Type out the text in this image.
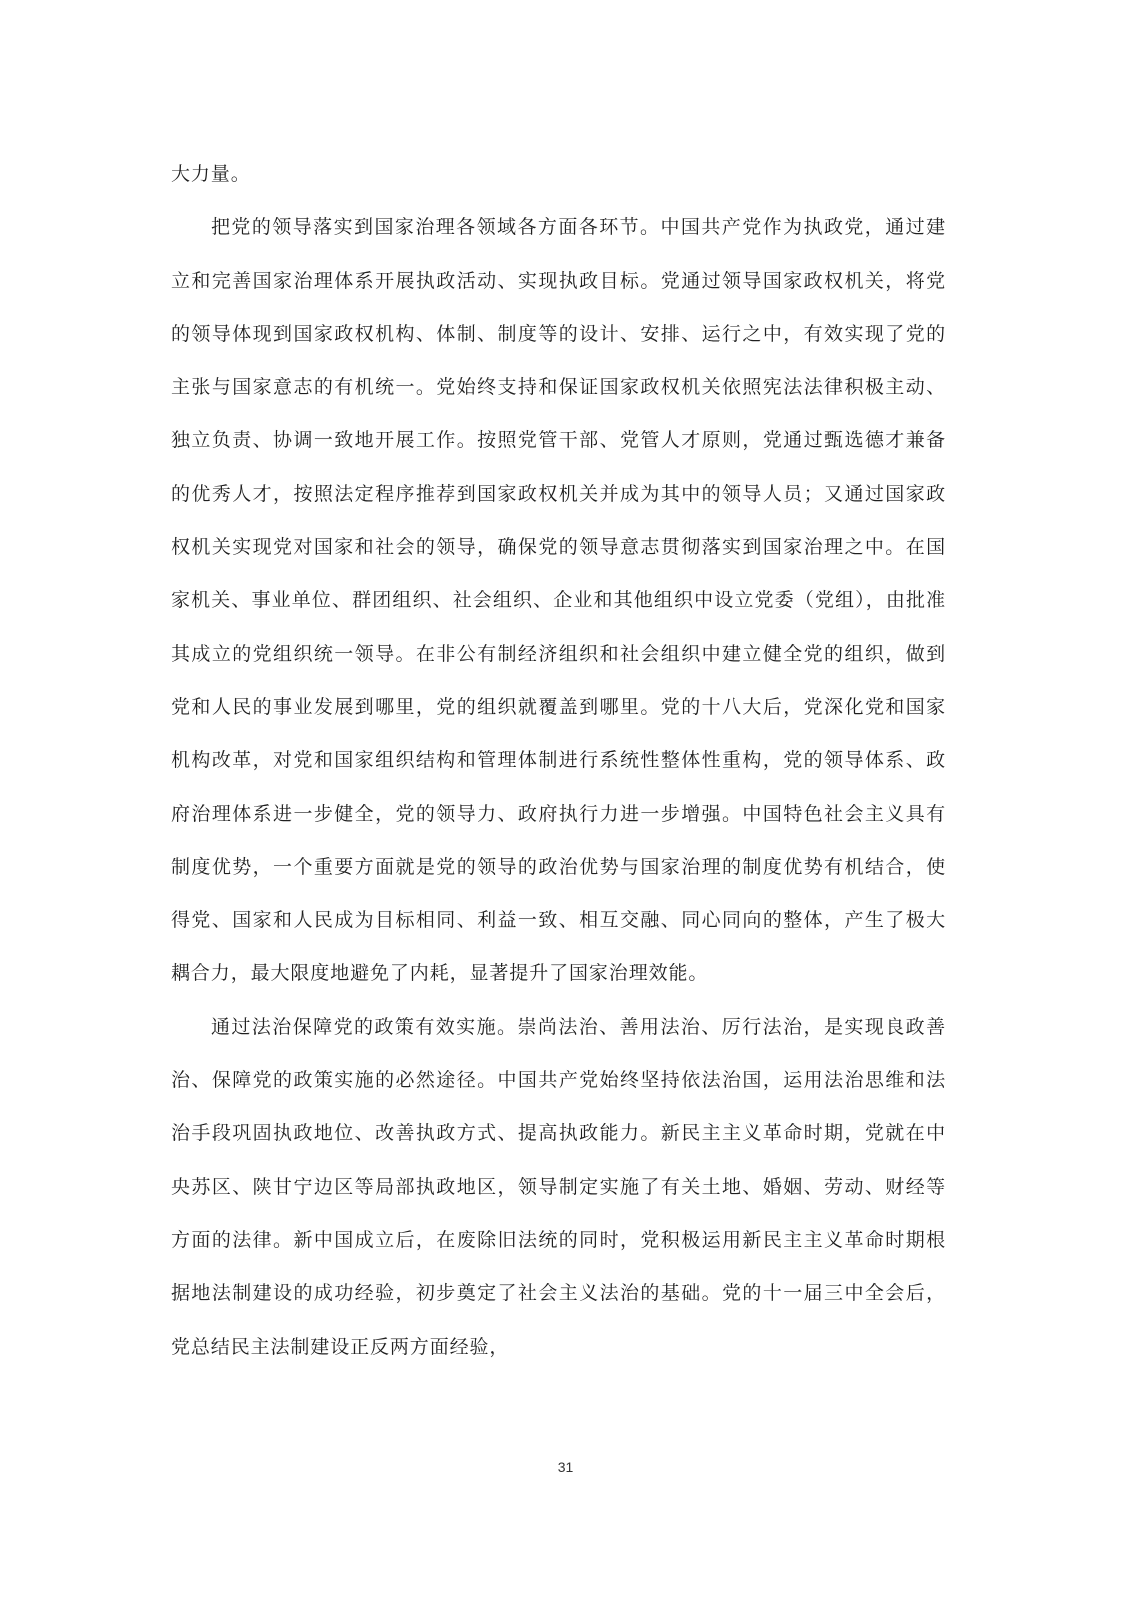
大力量。

把党的领导落实到国家治理各领域各方面各环节。中国共产党作为执政党，通过建立和完善国家治理体系开展执政活动、实现执政目标。党通过领导国家政权机关，将党的领导体现到国家政权机构、体制、制度等的设计、安排、运行之中，有效实现了党的主张与国家意志的有机统一。党始终支持和保证国家政权机关依照宪法法律积极主动、独立负责、协调一致地开展工作。按照党管干部、党管人才原则，党通过甄选德才兼备的优秀人才，按照法定程序推荐到国家政权机关并成为其中的领导人员；又通过国家政权机关实现党对国家和社会的领导，确保党的领导意志贯彻落实到国家治理之中。在国家机关、事业单位、群团组织、社会组织、企业和其他组织中设立党委（党组），由批准其成立的党组织统一领导。在非公有制经济组织和社会组织中建立健全党的组织，做到党和人民的事业发展到哪里，党的组织就覆盖到哪里。党的十八大后，党深化党和国家机构改革，对党和国家组织结构和管理体制进行系统性整体性重构，党的领导体系、政府治理体系进一步健全，党的领导力、政府执行力进一步增强。中国特色社会主义具有制度优势，一个重要方面就是党的领导的政治优势与国家治理的制度优势有机结合，使得党、国家和人民成为目标相同、利益一致、相互交融、同心同向的整体，产生了极大耦合力，最大限度地避免了内耗，显著提升了国家治理效能。

通过法治保障党的政策有效实施。崇尚法治、善用法治、厉行法治，是实现良政善治、保障党的政策实施的必然途径。中国共产党始终坚持依法治国，运用法治思维和法治手段巩固执政地位、改善执政方式、提高执政能力。新民主主义革命时期，党就在中央苏区、陕甘宁边区等局部执政地区，领导制定实施了有关土地、婚姻、劳动、财经等方面的法律。新中国成立后，在废除旧法统的同时，党积极运用新民主主义革命时期根据地法制建设的成功经验，初步奠定了社会主义法治的基础。党的十一届三中全会后，党总结民主法制建设正反两方面经验，

31
